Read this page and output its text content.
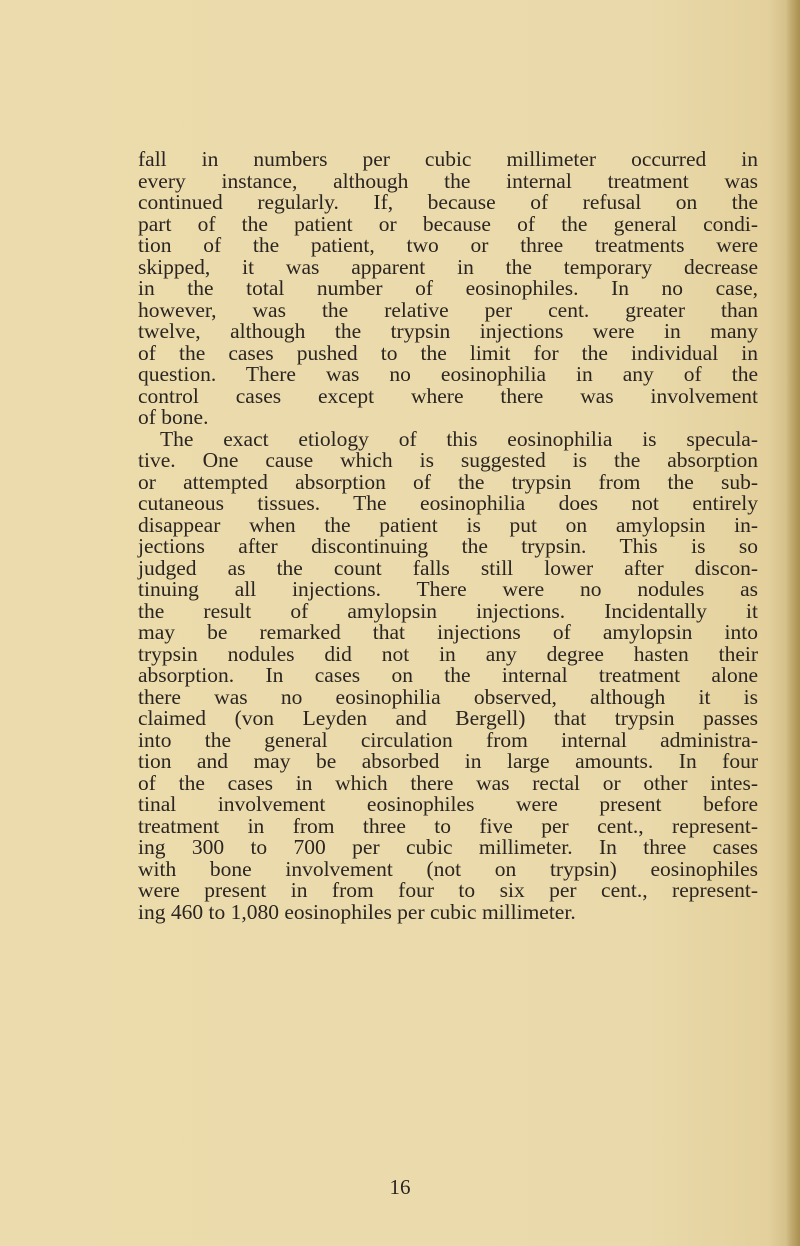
fall in numbers per cubic millimeter occurred in
every instance, although the internal treatment was
continued regularly. If, because of refusal on the
part of the patient or because of the general condi-
tion of the patient, two or three treatments were
skipped, it was apparent in the temporary decrease
in the total number of eosinophiles. In no case,
however, was the relative per cent. greater than
twelve, although the trypsin injections were in many
of the cases pushed to the limit for the individual in
question. There was no eosinophilia in any of the
control cases except where there was involvement
of bone.
The exact etiology of this eosinophilia is specula-
tive. One cause which is suggested is the absorption
or attempted absorption of the trypsin from the sub-
cutaneous tissues. The eosinophilia does not entirely
disappear when the patient is put on amylopsin in-
jections after discontinuing the trypsin. This is so
judged as the count falls still lower after discon-
tinuing all injections. There were no nodules as
the result of amylopsin injections. Incidentally it
may be remarked that injections of amylopsin into
trypsin nodules did not in any degree hasten their
absorption. In cases on the internal treatment alone
there was no eosinophilia observed, although it is
claimed (von Leyden and Bergell) that trypsin passes
into the general circulation from internal administra-
tion and may be absorbed in large amounts. In four
of the cases in which there was rectal or other intes-
tinal involvement eosinophiles were present before
treatment in from three to five per cent., represent-
ing 300 to 700 per cubic millimeter. In three cases
with bone involvement (not on trypsin) eosinophiles
were present in from four to six per cent., represent-
ing 460 to 1,080 eosinophiles per cubic millimeter.
16
